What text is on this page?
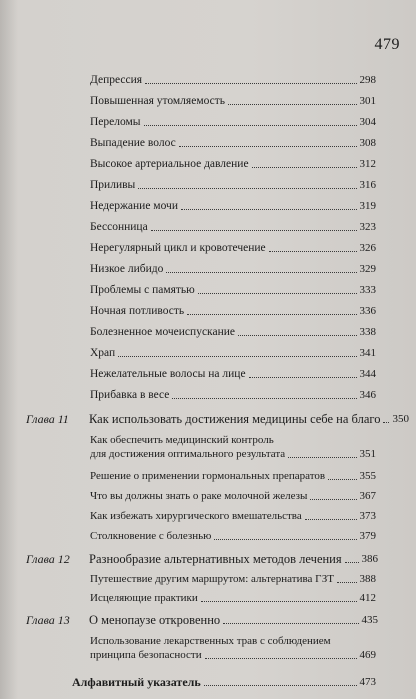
479
Депрессия	298
Повышенная утомляемость	301
Переломы	304
Выпадение волос	308
Высокое артериальное давление	312
Приливы	316
Недержание мочи	319
Бессонница	323
Нерегулярный цикл и кровотечение	326
Низкое либидо	329
Проблемы с памятью	333
Ночная потливость	336
Болезненное мочеиспускание	338
Храп	341
Нежелательные волосы на лице	344
Прибавка в весе	346
Глава 11	Как использовать достижения медицины себе на благо 350
Как обеспечить медицинский контроль
для достижения оптимального результата	351
Решение о применении гормональных препаратов	355
Что вы должны знать о раке молочной железы	367
Как избежать хирургического вмешательства	373
Столкновение с болезнью	379
Глава 12	Разнообразие альтернативных методов лечения 386
Путешествие другим маршрутом: альтернатива ГЗТ 388
Исцеляющие практики	412
Глава 13	О менопаузе откровенно	435
Использование лекарственных трав с соблюдением
принципа безопасности	469
Алфавитный указатель	473
